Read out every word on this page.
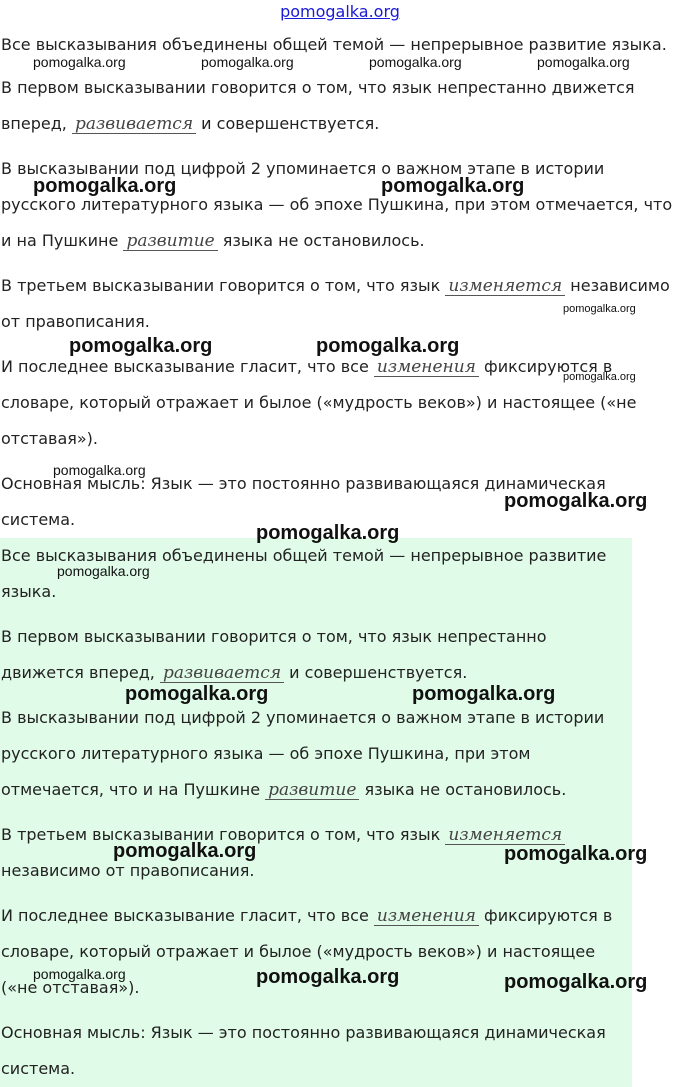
pomogalka.org

Все высказывания объединены общей темой — непрерывное развитие языка.

В первом высказывании говорится о том, что язык непрестанно движется
вперед, развивается и совершенствуется.

В высказывании под цифрой 2 упоминается о важном этапе в истории
русского литературного языка — об эпохе Пушкина, при этом отмечается, что
и на Пушкине развитие языка не остановилось.

В третьем высказывании говорится о том, что язык изменяется независимо
от правописания.

И последнее высказывание гласит, что все изменения фиксируются в
словаре, который отражает и былое («мудрость веков») и настоящее («не
отставая»).

Основная мысль: Язык — это постоянно развивающаяся динамическая
система.

Все высказывания объединены общей темой — непрерывное развитие
языка.

В первом высказывании говорится о том, что язык непрестанно
движется вперед, развивается и совершенствуется.

В высказывании под цифрой 2 упоминается о важном этапе в истории
русского литературного языка — об эпохе Пушкина, при этом
отмечается, что и на Пушкине развитие языка не остановилось.

В третьем высказывании говорится о том, что язык изменяется
независимо от правописания.

И последнее высказывание гласит, что все изменения фиксируются в
словаре, который отражает и былое («мудрость веков») и настоящее
(«не отставая»).

Основная мысль: Язык — это постоянно развивающаяся динамическая
система.

pomogalka.org	pomogalka.org	pomogalka.org	pomogalka.org
pomogalka.org	pomogalka.org
pomogalka.org
pomogalka.org	pomogalka.org
pomogalka.org
pomogalka.org
pomogalka.org
pomogalka.org
pomogalka.org
pomogalka.org	pomogalka.org
pomogalka.org	pomogalka.org
pomogalka.org	pomogalka.org	pomogalka.org
